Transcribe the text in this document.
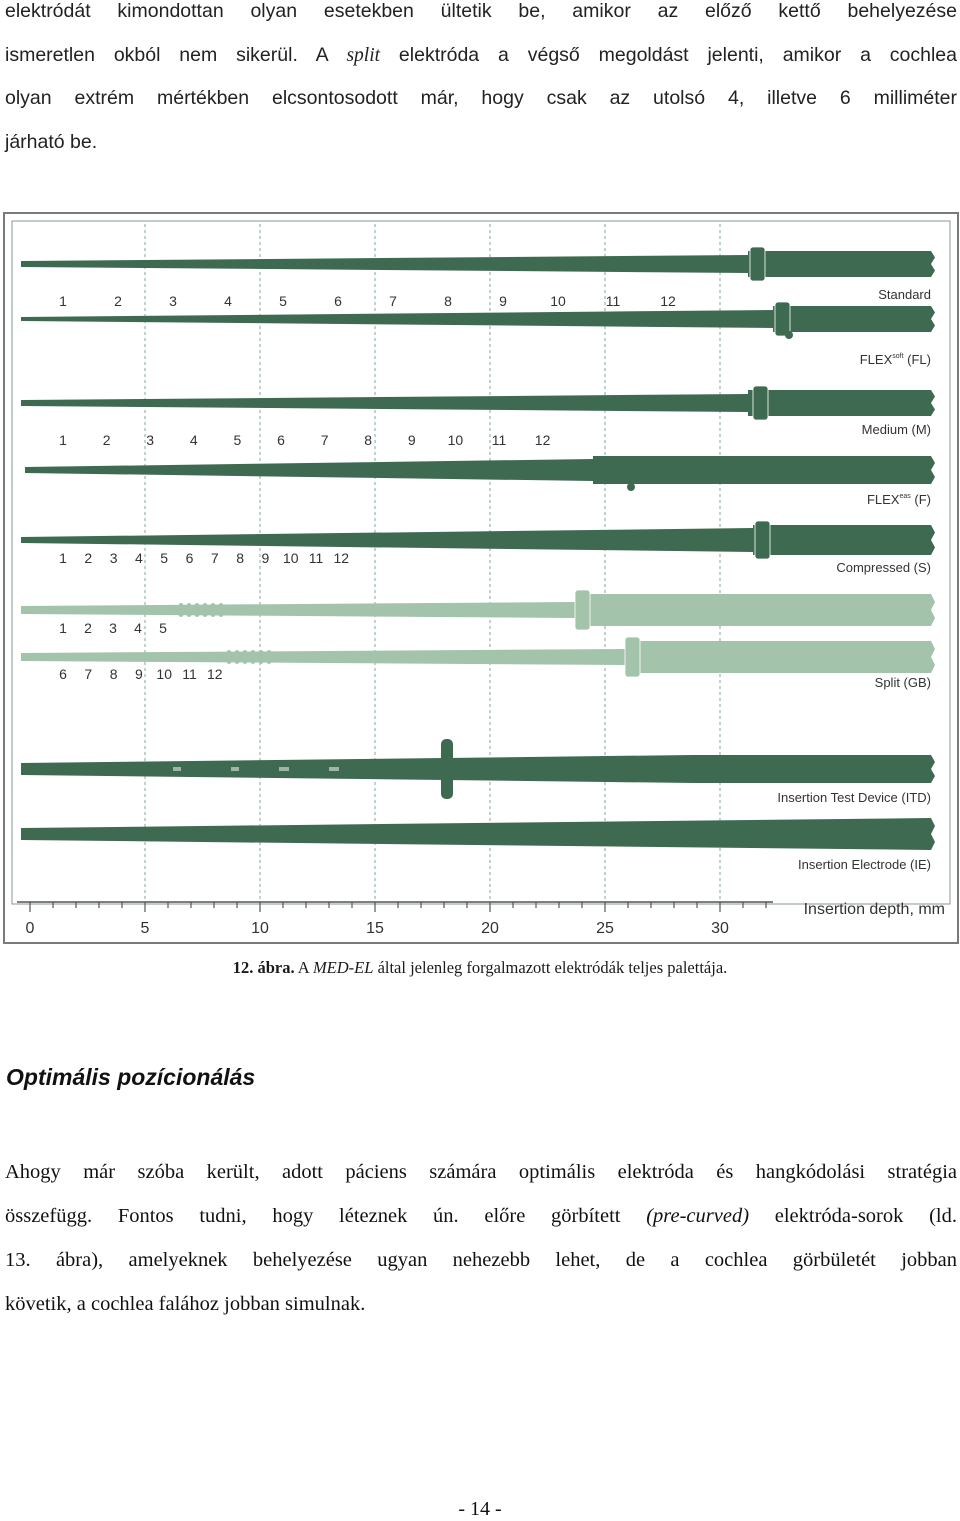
elektródát kimondottan olyan esetekben ültetik be, amikor az előző kettő behelyezése
ismeretlen okból nem sikerül. A split elektróda a végső megoldást jelenti, amikor a cochlea
olyan extrém mértékben elcsontosodott már, hogy csak az utolsó 4, illetve 6 milliméter
járható be.
Standard
1	2	3	4	5	6	7	8	9	10	11	12
$FLEX^{soft}$ (FL)
Medium (M)
1	2	3	4	5	6	7	8	9 10 11 12
$FLEX^{eas}$ (F)
Compressed (S)
1 2 3 4 5 6 7 8 9 10 11 12
1 2 3 4 5
6 7 8 9 10 11 12
Split (GB)
Insertion Test Device (ITD)
Insertion Electrode (IE)
0	5	10	15	20	25	30
Insertion depth, mm
12. ábra. A MED-EL által jelenleg forgalmazott elektródák teljes palettája.
Optimális pozícionálás
Ahogy már szóba került, adott páciens számára optimális elektróda és hangkódolási stratégia
összefügg. Fontos tudni, hogy léteznek ún. előre görbített (pre-curved) elektróda-sorok (ld.
13. ábra), amelyeknek behelyezése ugyan nehezebb lehet, de a cochlea görbületét jobban
követik, a cochlea falához jobban simulnak.
- 14 -
